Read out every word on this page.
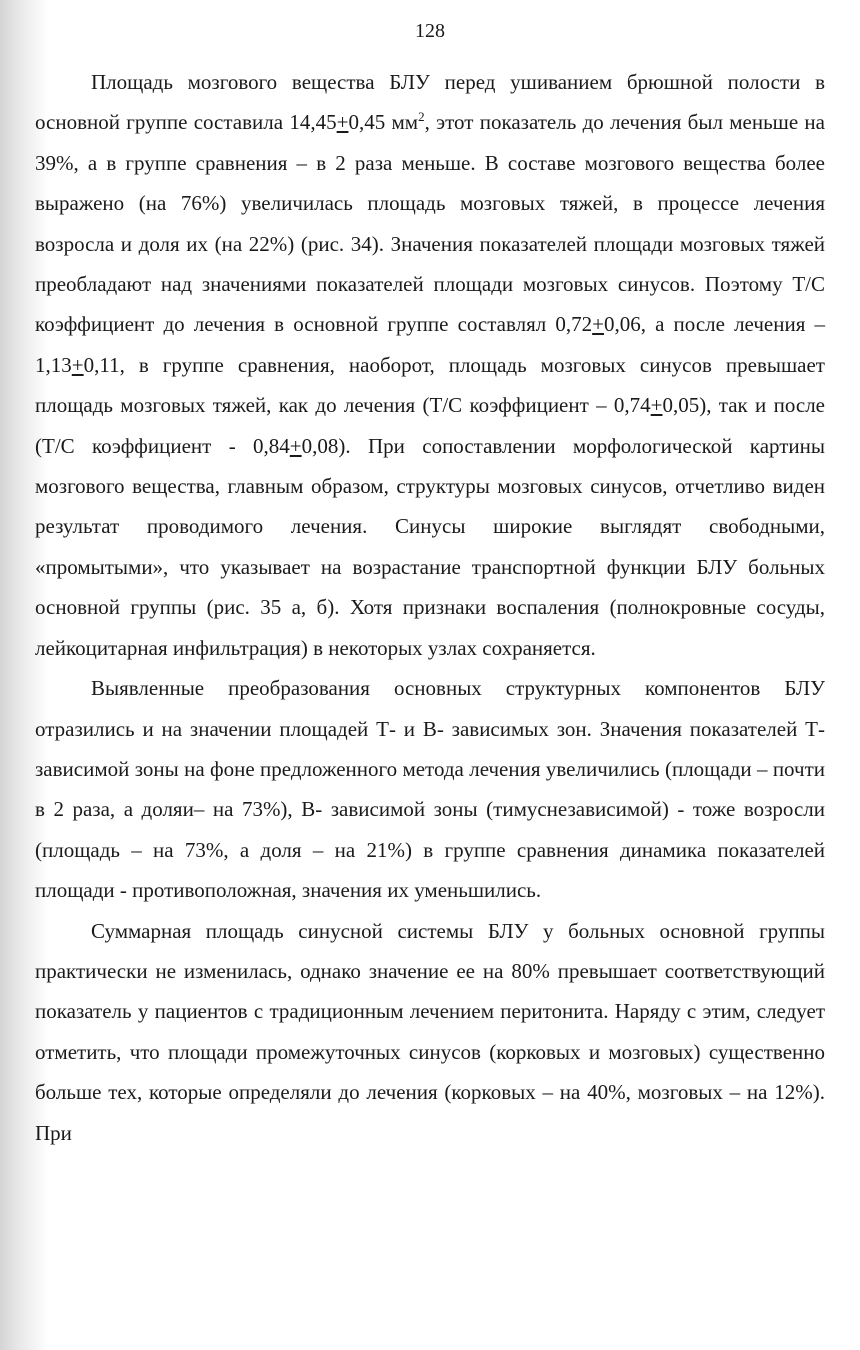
128

Площадь мозгового вещества БЛУ перед ушиванием брюшной полости в основной группе составила 14,45+0,45 $мм^2$, этот показатель до лечения был меньше на 39%, а в группе сравнения – в 2 раза меньше. В составе мозгового вещества более выражено (на 76%) увеличилась площадь мозговых тяжей, в процессе лечения возросла и доля их (на 22%) (рис. 34). Значения показателей площади мозговых тяжей преобладают над значениями показателей площади мозговых синусов. Поэтому Т/С коэффициент до лечения в основной группе составлял 0,72+0,06, а после лечения – 1,13+0,11, в группе сравнения, наоборот, площадь мозговых синусов превышает площадь мозговых тяжей, как до лечения (Т/С коэффициент – 0,74+0,05), так и после (Т/С коэффициент - 0,84+0,08). При сопоставлении морфологической картины мозгового вещества, главным образом, структуры мозговых синусов, отчетливо виден результат проводимого лечения. Синусы широкие выглядят свободными, «промытыми», что указывает на возрастание транспортной функции БЛУ больных основной группы (рис. 35 а, б). Хотя признаки воспаления (полнокровные сосуды, лейкоцитарная инфильтрация) в некоторых узлах сохраняется.

Выявленные преобразования основных структурных компонентов БЛУ отразились и на значении площадей Т- и В- зависимых зон. Значения показателей Т- зависимой зоны на фоне предложенного метода лечения увеличились (площади – почти в 2 раза, а доляи– на 73%), В- зависимой зоны (тимуснезависимой) - тоже возросли (площадь – на 73%, а доля – на 21%) в группе сравнения динамика показателей площади - противоположная, значения их уменьшились.

Суммарная площадь синусной системы БЛУ у больных основной группы практически не изменилась, однако значение ее на 80% превышает соответствующий показатель у пациентов с традиционным лечением перитонита. Наряду с этим, следует отметить, что площади промежуточных синусов (корковых и мозговых) существенно больше тех, которые определяли до лечения (корковых – на 40%, мозговых – на 12%). При
